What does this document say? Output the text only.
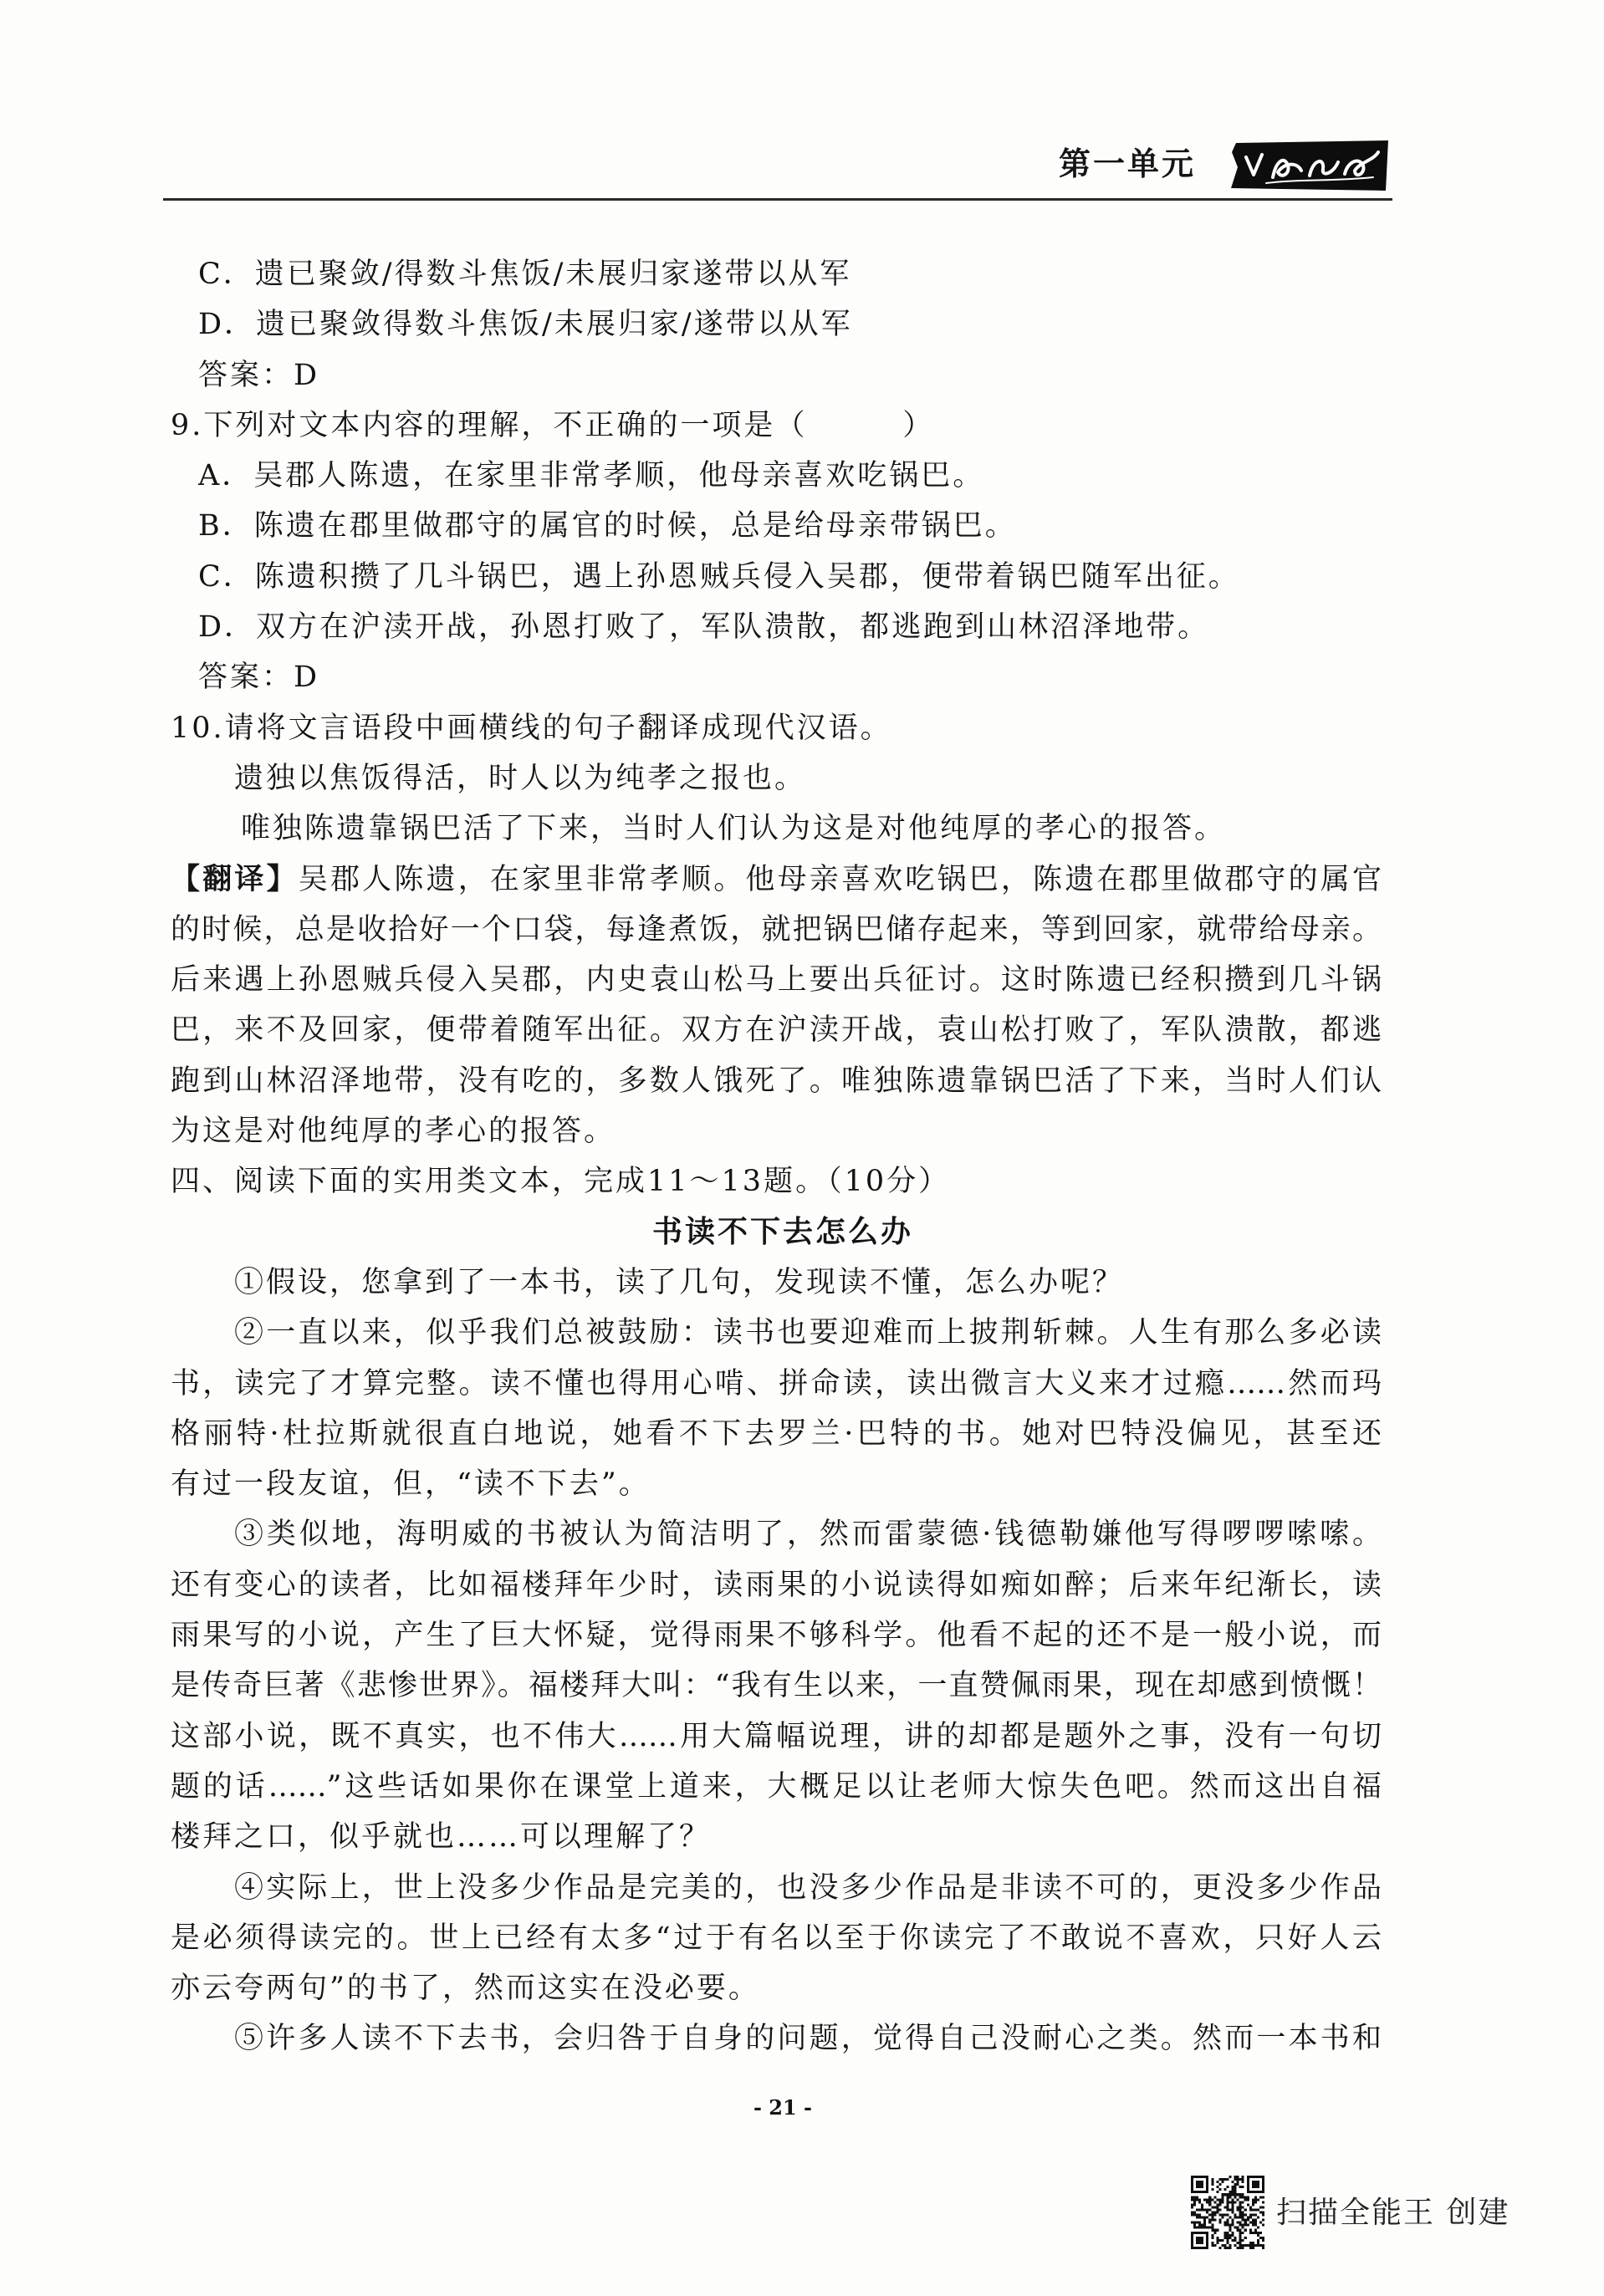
第一单元
C．遗已聚敛/得数斗焦饭/未展归家遂带以从军
D．遗已聚敛得数斗焦饭/未展归家/遂带以从军
答案：D
9.下列对文本内容的理解，不正确的一项是（　　　）
A．吴郡人陈遗，在家里非常孝顺，他母亲喜欢吃锅巴。
B．陈遗在郡里做郡守的属官的时候，总是给母亲带锅巴。
C．陈遗积攒了几斗锅巴，遇上孙恩贼兵侵入吴郡，便带着锅巴随军出征。
D．双方在沪渎开战，孙恩打败了，军队溃散，都逃跑到山林沼泽地带。
答案：D
10.请将文言语段中画横线的句子翻译成现代汉语。
遗独以焦饭得活，时人以为纯孝之报也。
唯独陈遗靠锅巴活了下来，当时人们认为这是对他纯厚的孝心的报答。
【翻译】吴郡人陈遗，在家里非常孝顺。他母亲喜欢吃锅巴，陈遗在郡里做郡守的属官
的时候，总是收拾好一个口袋，每逢煮饭，就把锅巴储存起来，等到回家，就带给母亲。
后来遇上孙恩贼兵侵入吴郡，内史袁山松马上要出兵征讨。这时陈遗已经积攒到几斗锅
巴，来不及回家，便带着随军出征。双方在沪渎开战，袁山松打败了，军队溃散，都逃
跑到山林沼泽地带，没有吃的，多数人饿死了。唯独陈遗靠锅巴活了下来，当时人们认
为这是对他纯厚的孝心的报答。
四、阅读下面的实用类文本，完成11～13题。（10分）
书读不下去怎么办
①假设，您拿到了一本书，读了几句，发现读不懂，怎么办呢？
②一直以来，似乎我们总被鼓励：读书也要迎难而上披荆斩棘。人生有那么多必读
书，读完了才算完整。读不懂也得用心啃、拼命读，读出微言大义来才过瘾……然而玛
格丽特·杜拉斯就很直白地说，她看不下去罗兰·巴特的书。她对巴特没偏见，甚至还
有过一段友谊，但，“读不下去”。
③类似地，海明威的书被认为简洁明了，然而雷蒙德·钱德勒嫌他写得啰啰嗦嗦。
还有变心的读者，比如福楼拜年少时，读雨果的小说读得如痴如醉；后来年纪渐长，读
雨果写的小说，产生了巨大怀疑，觉得雨果不够科学。他看不起的还不是一般小说，而
是传奇巨著《悲惨世界》。福楼拜大叫：“我有生以来，一直赞佩雨果，现在却感到愤慨！
这部小说，既不真实，也不伟大……用大篇幅说理，讲的却都是题外之事，没有一句切
题的话……”这些话如果你在课堂上道来，大概足以让老师大惊失色吧。然而这出自福
楼拜之口，似乎就也……可以理解了？
④实际上，世上没多少作品是完美的，也没多少作品是非读不可的，更没多少作品
是必须得读完的。世上已经有太多“过于有名以至于你读完了不敢说不喜欢，只好人云
亦云夸两句”的书了，然而这实在没必要。
⑤许多人读不下去书，会归咎于自身的问题，觉得自己没耐心之类。然而一本书和
- 21 -
扫描全能王 创建
